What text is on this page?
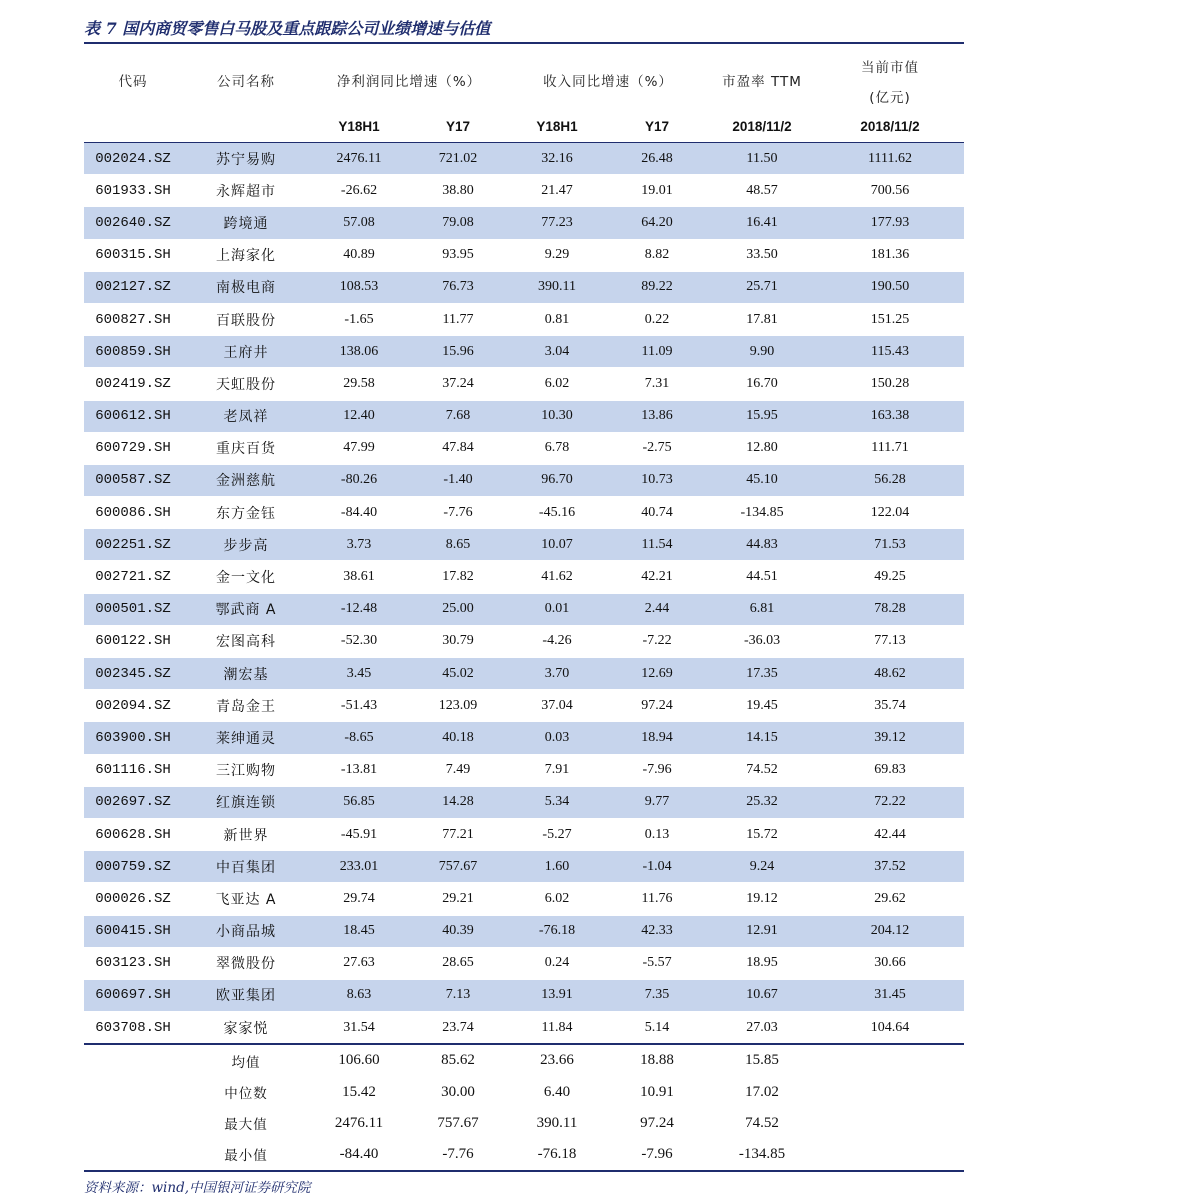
表 7 国内商贸零售白马股及重点跟踪公司业绩增速与估值
代码	公司名称	净利润同比增速（%）		收入同比增速（%）		市盈率 TTM	当前市值
							(亿元)
		Y18H1	Y17	Y18H1	Y17	2018/11/2	2018/11/2
002024.SZ	苏宁易购	2476.11	721.02	32.16	26.48	11.50	1111.62
601933.SH	永辉超市	-26.62	38.80	21.47	19.01	48.57	700.56
002640.SZ	跨境通	57.08	79.08	77.23	64.20	16.41	177.93
600315.SH	上海家化	40.89	93.95	9.29	8.82	33.50	181.36
002127.SZ	南极电商	108.53	76.73	390.11	89.22	25.71	190.50
600827.SH	百联股份	-1.65	11.77	0.81	0.22	17.81	151.25
600859.SH	王府井	138.06	15.96	3.04	11.09	9.90	115.43
002419.SZ	天虹股份	29.58	37.24	6.02	7.31	16.70	150.28
600612.SH	老凤祥	12.40	7.68	10.30	13.86	15.95	163.38
600729.SH	重庆百货	47.99	47.84	6.78	-2.75	12.80	111.71
000587.SZ	金洲慈航	-80.26	-1.40	96.70	10.73	45.10	56.28
600086.SH	东方金钰	-84.40	-7.76	-45.16	40.74	-134.85	122.04
002251.SZ	步步高	3.73	8.65	10.07	11.54	44.83	71.53
002721.SZ	金一文化	38.61	17.82	41.62	42.21	44.51	49.25
000501.SZ	鄂武商 A	-12.48	25.00	0.01	2.44	6.81	78.28
600122.SH	宏图高科	-52.30	30.79	-4.26	-7.22	-36.03	77.13
002345.SZ	潮宏基	3.45	45.02	3.70	12.69	17.35	48.62
002094.SZ	青岛金王	-51.43	123.09	37.04	97.24	19.45	35.74
603900.SH	莱绅通灵	-8.65	40.18	0.03	18.94	14.15	39.12
601116.SH	三江购物	-13.81	7.49	7.91	-7.96	74.52	69.83
002697.SZ	红旗连锁	56.85	14.28	5.34	9.77	25.32	72.22
600628.SH	新世界	-45.91	77.21	-5.27	0.13	15.72	42.44
000759.SZ	中百集团	233.01	757.67	1.60	-1.04	9.24	37.52
000026.SZ	飞亚达 A	29.74	29.21	6.02	11.76	19.12	29.62
600415.SH	小商品城	18.45	40.39	-76.18	42.33	12.91	204.12
603123.SH	翠微股份	27.63	28.65	0.24	-5.57	18.95	30.66
600697.SH	欧亚集团	8.63	7.13	13.91	7.35	10.67	31.45
603708.SH	家家悦	31.54	23.74	11.84	5.14	27.03	104.64
	均值	106.60	85.62	23.66	18.88	15.85	
	中位数	15.42	30.00	6.40	10.91	17.02	
	最大值	2476.11	757.67	390.11	97.24	74.52	
	最小值	-84.40	-7.76	-76.18	-7.96	-134.85	
资料来源：wind,中国银河证券研究院
